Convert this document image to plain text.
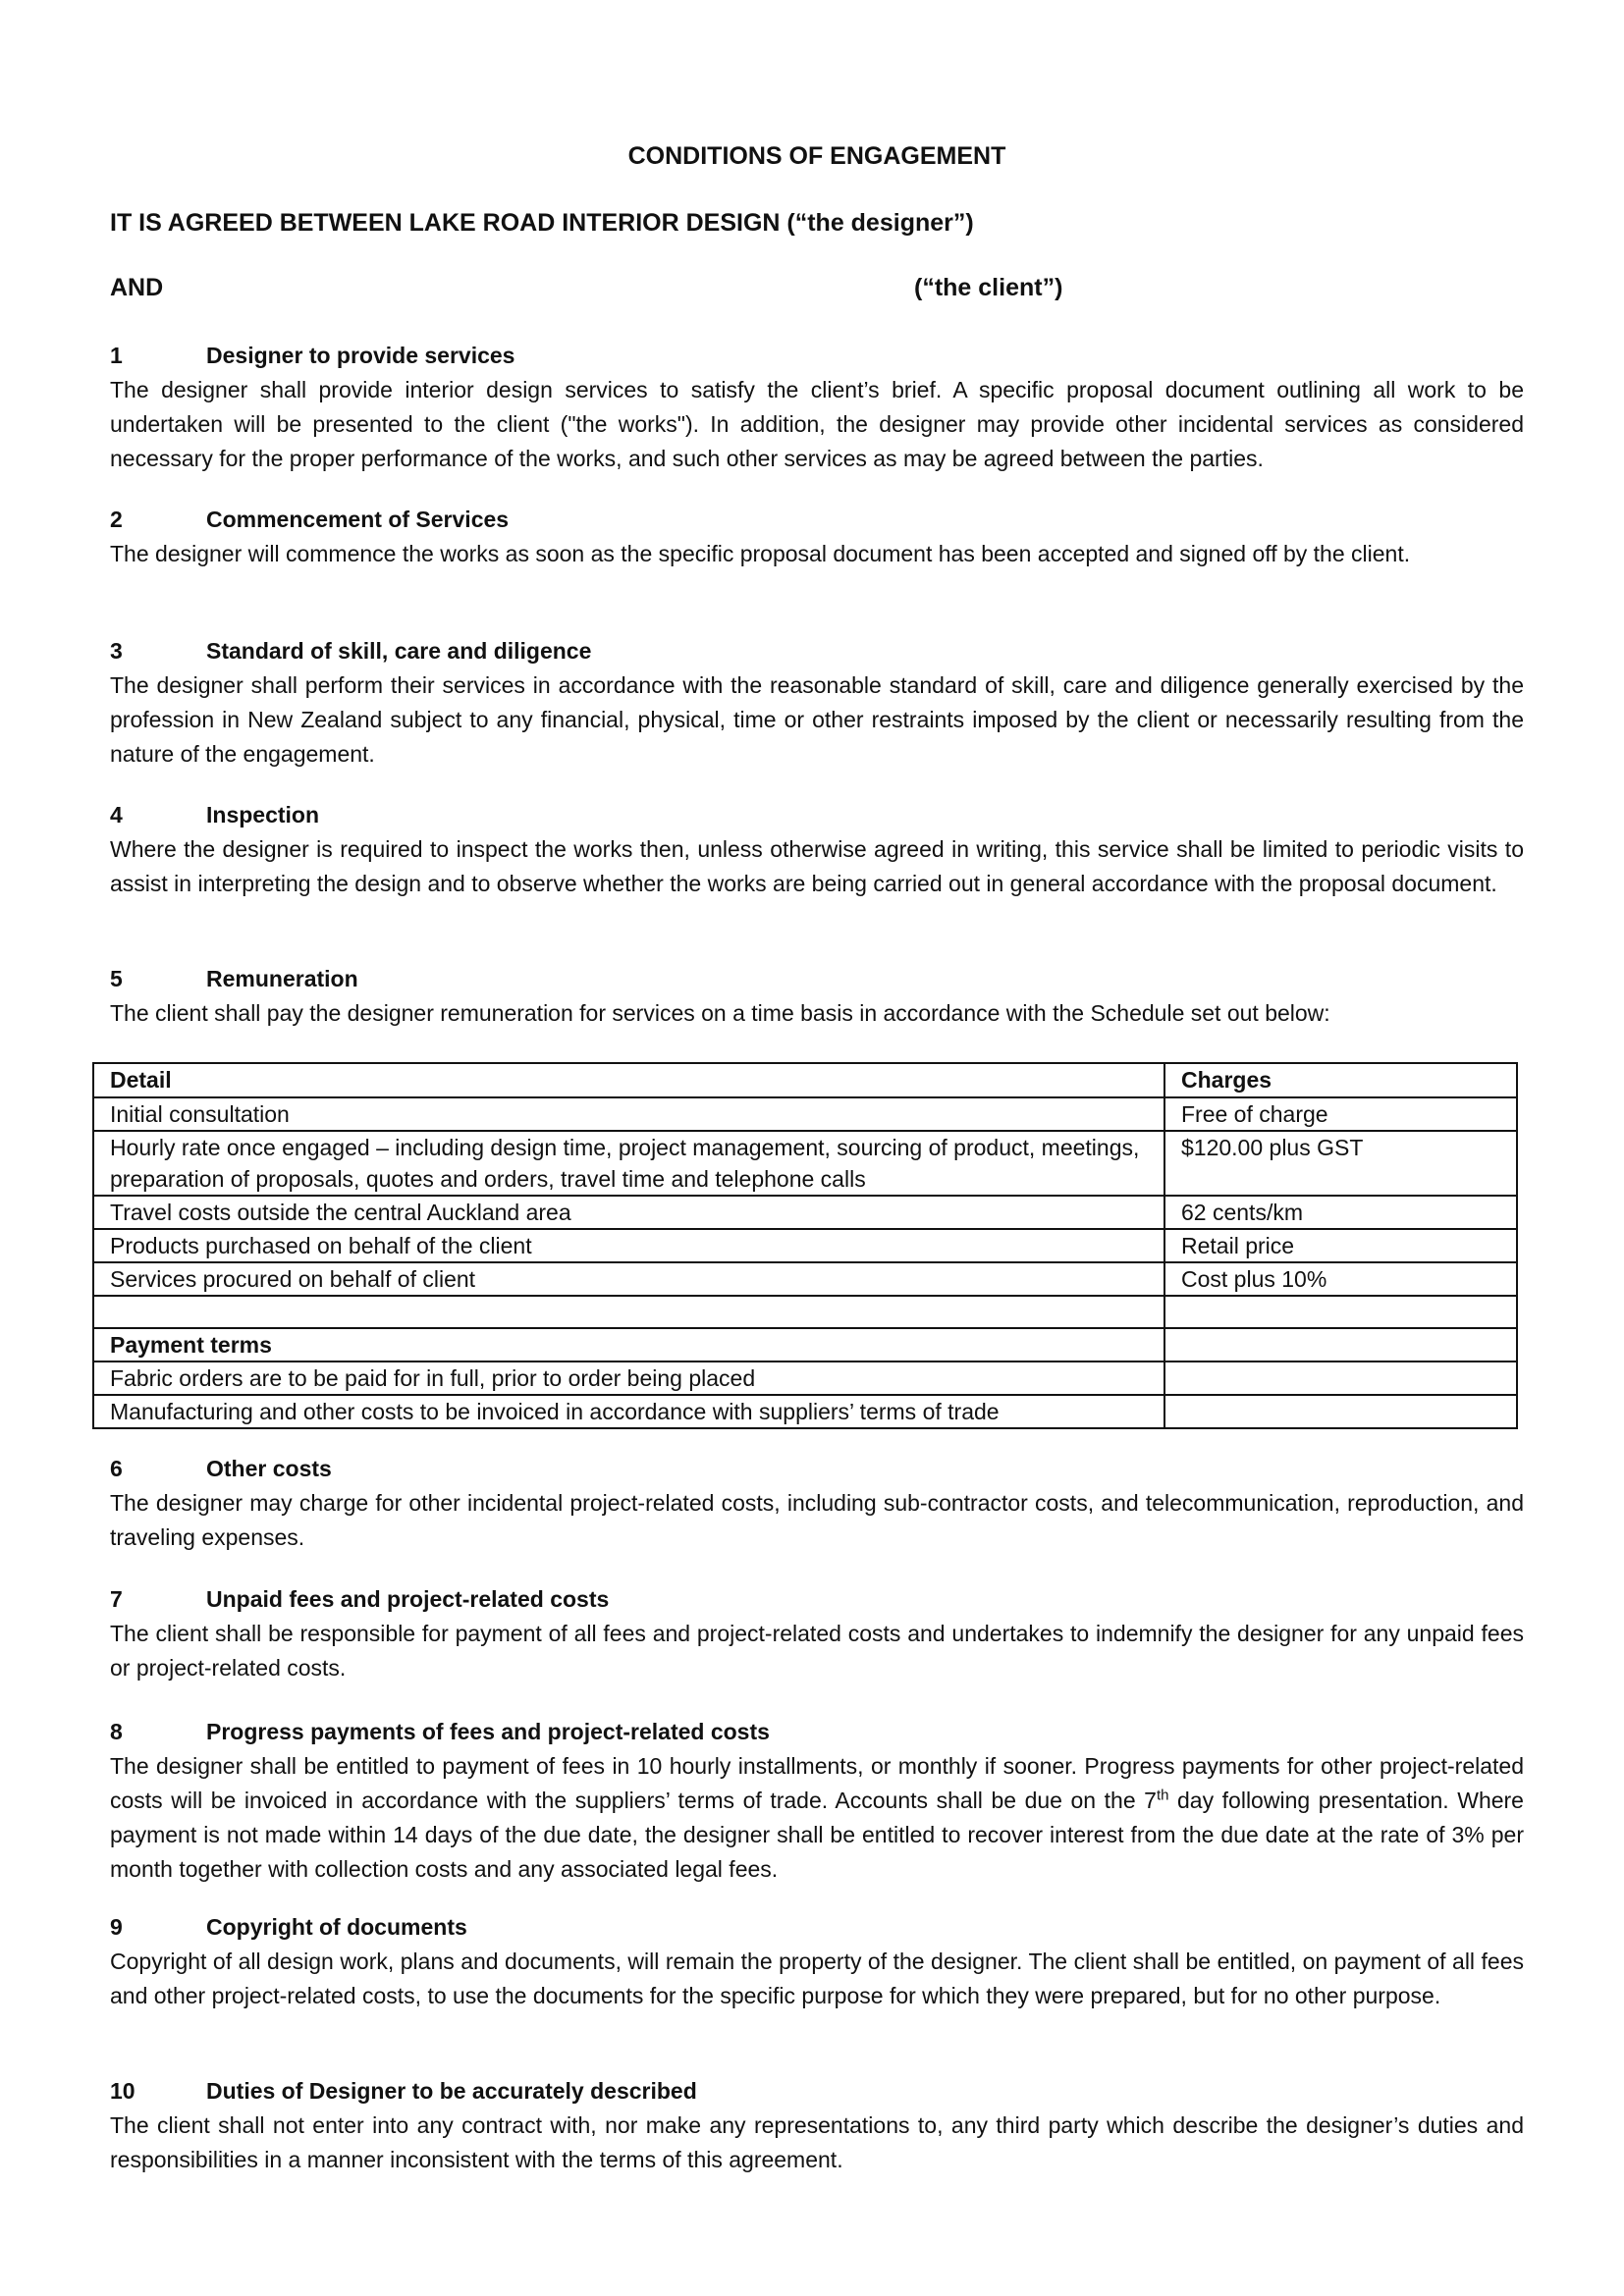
CONDITIONS OF ENGAGEMENT
IT IS AGREED BETWEEN LAKE ROAD INTERIOR DESIGN (“the designer”)
AND	(“the client”)
1	Designer to provide services

The designer shall provide interior design services to satisfy the client’s brief. A specific proposal document outlining all work to be undertaken will be presented to the client ("the works"). In addition, the designer may provide other incidental services as considered necessary for the proper performance of the works, and such other services as may be agreed between the parties.

2	Commencement of Services

The designer will commence the works as soon as the specific proposal document has been accepted and signed off by the client.

3	Standard of skill, care and diligence

The designer shall perform their services in accordance with the reasonable standard of skill, care and diligence generally exercised by the profession in New Zealand subject to any financial, physical, time or other restraints imposed by the client or necessarily resulting from the nature of the engagement.

4	Inspection

Where the designer is required to inspect the works then, unless otherwise agreed in writing, this service shall be limited to periodic visits to assist in interpreting the design and to observe whether the works are being carried out in general accordance with the proposal document.

5	Remuneration

The client shall pay the designer remuneration for services on a time basis in accordance with the Schedule set out below:

Detail	Charges
Initial consultation	Free of charge
Hourly rate once engaged – including design time, project management, sourcing of product, meetings, preparation of proposals, quotes and orders, travel time and telephone calls	$120.00 plus GST
Travel costs outside the central Auckland area	62 cents/km
Products purchased on behalf of the client	Retail price
Services procured on behalf of client	Cost plus 10%

Payment terms	
Fabric orders are to be paid for in full, prior to order being placed	
Manufacturing and other costs to be invoiced in accordance with suppliers’ terms of trade	
6	Other costs

The designer may charge for other incidental project-related costs, including sub-contractor costs, and telecommunication, reproduction, and traveling expenses.

7	Unpaid fees and project-related costs

The client shall be responsible for payment of all fees and project-related costs and undertakes to indemnify the designer for any unpaid fees or project-related costs.

8	Progress payments of fees and project-related costs

The designer shall be entitled to payment of fees in 10 hourly installments, or monthly if sooner. Progress payments for other project-related costs will be invoiced in accordance with the suppliers’ terms of trade. Accounts shall be due on the 7th day following presentation. Where payment is not made within 14 days of the due date, the designer shall be entitled to recover interest from the due date at the rate of 3% per month together with collection costs and any associated legal fees.

9	Copyright of documents

Copyright of all design work, plans and documents, will remain the property of the designer. The client shall be entitled, on payment of all fees and other project-related costs, to use the documents for the specific purpose for which they were prepared, but for no other purpose.

10	Duties of Designer to be accurately described

The client shall not enter into any contract with, nor make any representations to, any third party which describe the designer’s duties and responsibilities in a manner inconsistent with the terms of this agreement.
